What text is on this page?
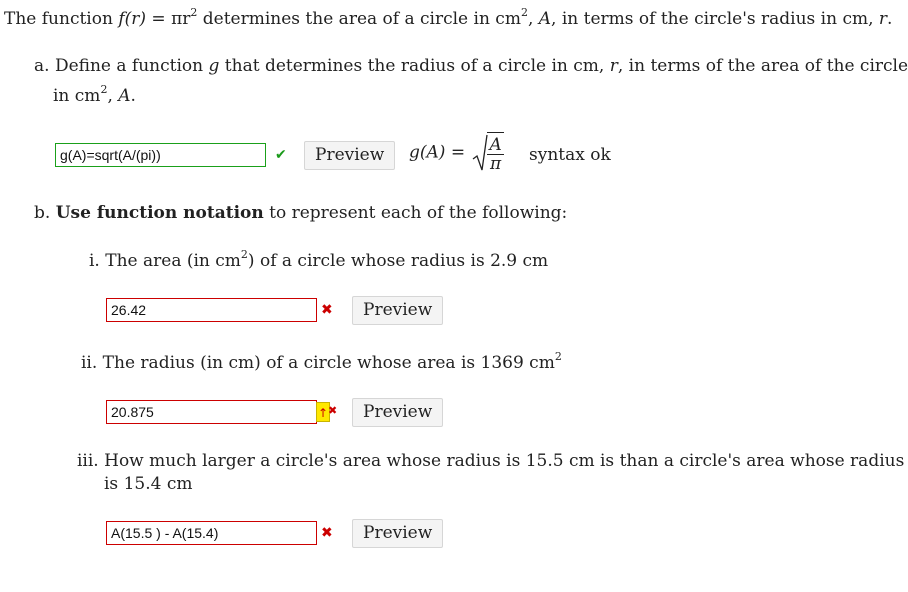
The function $f(r) = \pi r^2$ determines the area of a circle in $cm^2$, A, in terms of the circle's radius in cm, r.
a. Define a function g that determines the radius of a circle in cm, r, in terms of the area of the circle
in $cm^2$, A.
g(A)=sqrt(A/(pi))	✔	Preview	$g(A) = \frac{A}{\pi}$ syntax ok
b. Use function notation to represent each of the following:
i. The area (in $cm^2$) of a circle whose radius is 2.9 cm
26.42	✖	Preview
ii. The radius (in cm) of a circle whose area is 1369 $cm^2$
20.875	↑ ✖	Preview
iii. How much larger a circle's area whose radius is 15.5 cm is than a circle's area whose radius
is 15.4 cm
A(15.5 ) - A(15.4)	✖	Preview
